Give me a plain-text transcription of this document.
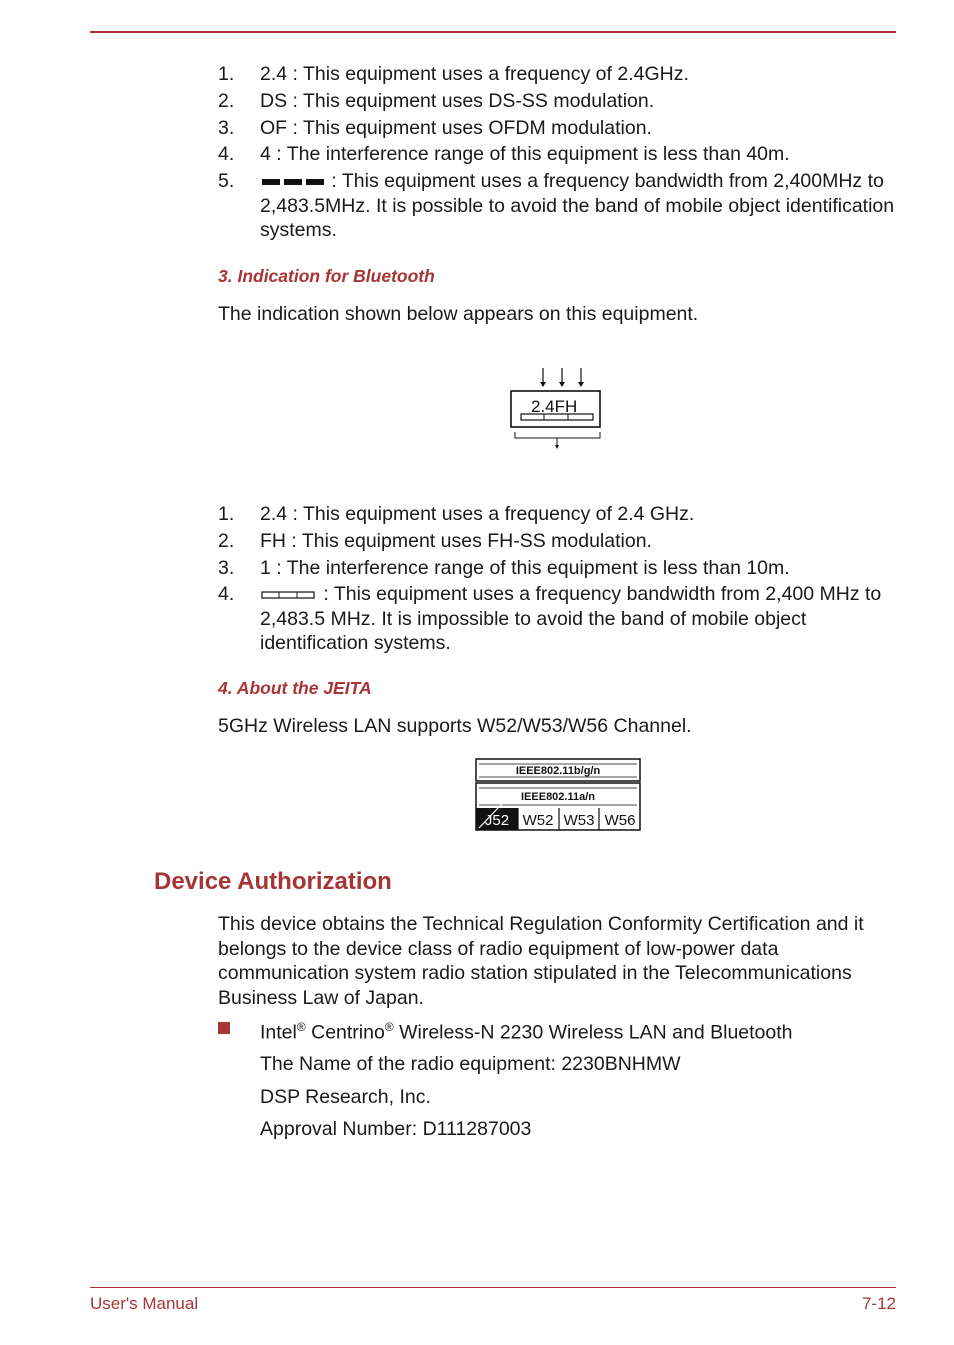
1. 2.4 : This equipment uses a frequency of 2.4GHz.
2. DS : This equipment uses DS-SS modulation.
3. OF : This equipment uses OFDM modulation.
4. 4 : The interference range of this equipment is less than 40m.
5.	: This equipment uses a frequency bandwidth from 2,400MHz to 2,483.5MHz. It is possible to avoid the band of mobile object identification systems.
3. Indication for Bluetooth
The indication shown below appears on this equipment.
2.4FH
1. 2.4 : This equipment uses a frequency of 2.4 GHz.
2. FH : This equipment uses FH-SS modulation.
3. 1 : The interference range of this equipment is less than 10m.
4.	: This equipment uses a frequency bandwidth from 2,400 MHz to 2,483.5 MHz. It is impossible to avoid the band of mobile object identification systems.
4. About the JEITA
5GHz Wireless LAN supports W52/W53/W56 Channel.
IEEE802.11b/g/n
IEEE802.11a/n
J52 W52 W53 W56
Device Authorization
This device obtains the Technical Regulation Conformity Certification and it belongs to the device class of radio equipment of low-power data communication system radio station stipulated in the Telecommunications Business Law of Japan.
Intel® Centrino® Wireless-N 2230 Wireless LAN and Bluetooth
The Name of the radio equipment: 2230BNHMW
DSP Research, Inc.
Approval Number: D111287003
User's Manual	7-12
